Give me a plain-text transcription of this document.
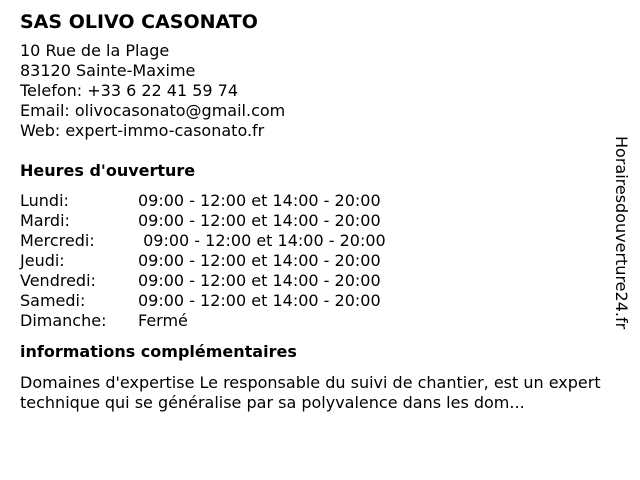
SAS OLIVO CASONATO
10 Rue de la Plage
83120 Sainte-Maxime
Telefon: +33 6 22 41 59 74
Email: olivocasonato@gmail.com
Web: expert-immo-casonato.fr
Heures d'ouverture
Lundi:	09:00 - 12:00 et 14:00 - 20:00
Mardi:	09:00 - 12:00 et 14:00 - 20:00
Mercredi:	09:00 - 12:00 et 14:00 - 20:00
Jeudi:	09:00 - 12:00 et 14:00 - 20:00
Vendredi:	09:00 - 12:00 et 14:00 - 20:00
Samedi:	09:00 - 12:00 et 14:00 - 20:00
Dimanche:	Fermé
informations complémentaires

Domaines d'expertise Le responsable du suivi de chantier, est un expert technique qui se généralise par sa polyvalence dans les dom...

Horairesdouverture24.fr
